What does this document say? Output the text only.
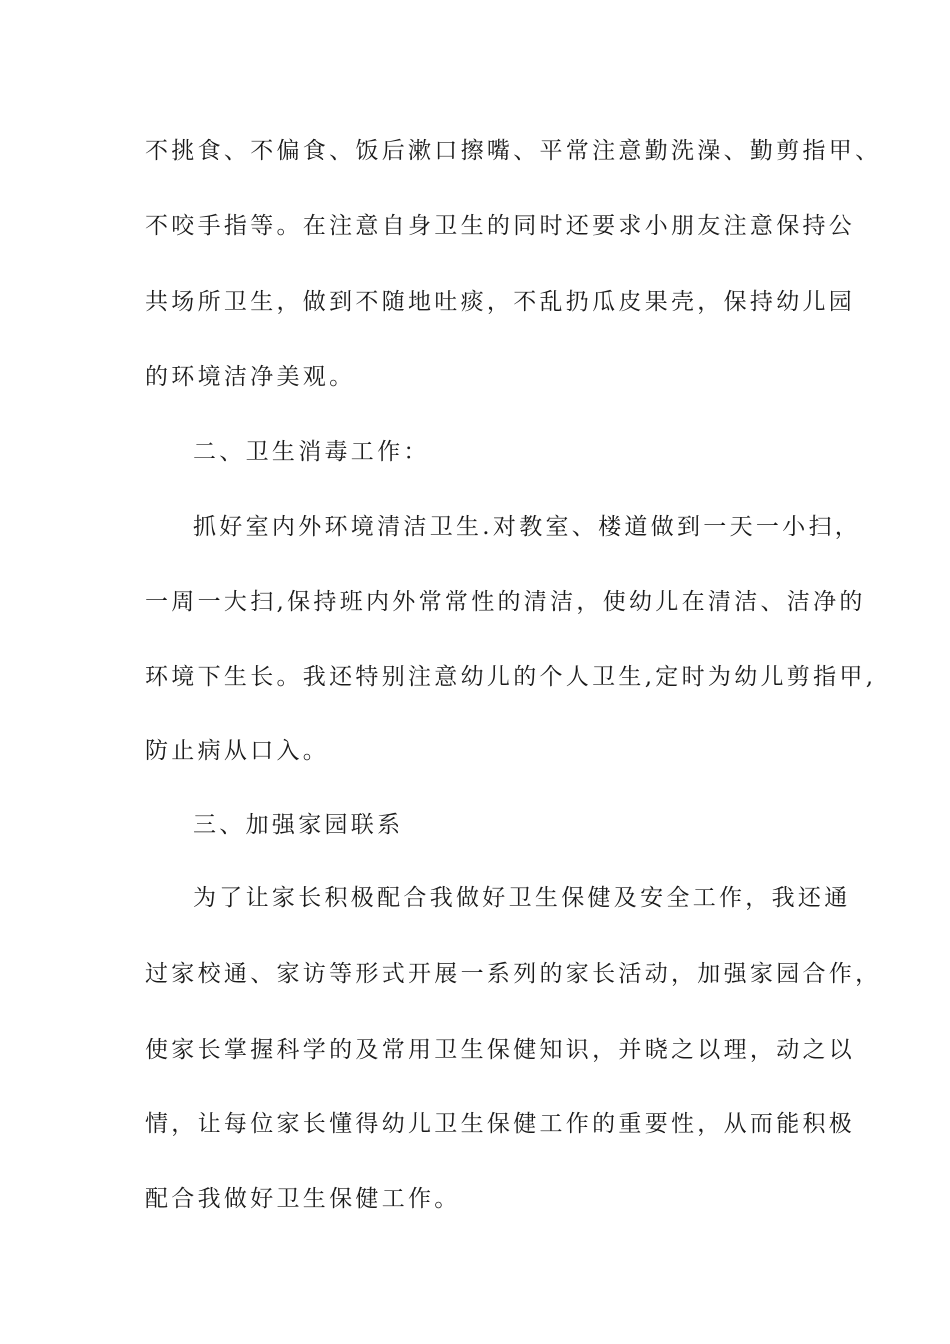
不挑食、不偏食、饭后漱口擦嘴、平常注意勤洗澡、勤剪指甲、
不咬手指等。在注意自身卫生的同时还要求小朋友注意保持公
共场所卫生，做到不随地吐痰，不乱扔瓜皮果壳，保持幼儿园
的环境洁净美观。
二、卫生消毒工作：
抓好室内外环境清洁卫生.对教室、楼道做到一天一小扫，
一周一大扫,保持班内外常常性的清洁，使幼儿在清洁、洁净的
环境下生长。我还特别注意幼儿的个人卫生,定时为幼儿剪指甲,
防止病从口入。
三、加强家园联系
为了让家长积极配合我做好卫生保健及安全工作，我还通
过家校通、家访等形式开展一系列的家长活动，加强家园合作，
使家长掌握科学的及常用卫生保健知识，并晓之以理，动之以
情，让每位家长懂得幼儿卫生保健工作的重要性，从而能积极
配合我做好卫生保健工作。
